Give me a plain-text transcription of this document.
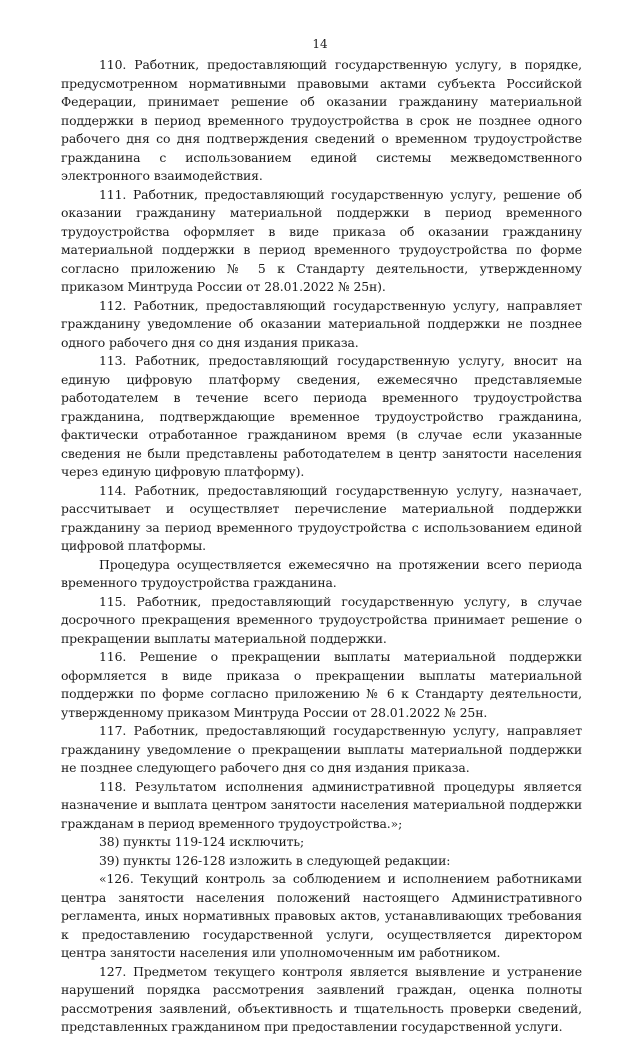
14

110. Работник, предоставляющий государственную услугу, в порядке, предусмотренном нормативными правовыми актами субъекта Российской Федерации, принимает решение об оказании гражданину материальной поддержки в период временного трудоустройства в срок не позднее одного рабочего дня со дня подтверждения сведений о временном трудоустройстве гражданина с использованием единой системы межведомственного электронного взаимодействия.

111. Работник, предоставляющий государственную услугу, решение об оказании гражданину материальной поддержки в период временного трудоустройства оформляет в виде приказа об оказании гражданину материальной поддержки в период временного трудоустройства по форме согласно приложению № 5 к Стандарту деятельности, утвержденному приказом Минтруда России от 28.01.2022 № 25н).

112. Работник, предоставляющий государственную услугу, направляет гражданину уведомление об оказании материальной поддержки не позднее одного рабочего дня со дня издания приказа.

113. Работник, предоставляющий государственную услугу, вносит на единую цифровую платформу сведения, ежемесячно представляемые работодателем в течение всего периода временного трудоустройства гражданина, подтверждающие временное трудоустройство гражданина, фактически отработанное гражданином время (в случае если указанные сведения не были представлены работодателем в центр занятости населения через единую цифровую платформу).

114. Работник, предоставляющий государственную услугу, назначает, рассчитывает и осуществляет перечисление материальной поддержки гражданину за период временного трудоустройства с использованием единой цифровой платформы.

Процедура осуществляется ежемесячно на протяжении всего периода временного трудоустройства гражданина.

115. Работник, предоставляющий государственную услугу, в случае досрочного прекращения временного трудоустройства принимает решение о прекращении выплаты материальной поддержки.

116. Решение о прекращении выплаты материальной поддержки оформляется в виде приказа о прекращении выплаты материальной поддержки по форме согласно приложению № 6 к Стандарту деятельности, утвержденному приказом Минтруда России от 28.01.2022 № 25н.

117. Работник, предоставляющий государственную услугу, направляет гражданину уведомление о прекращении выплаты материальной поддержки не позднее следующего рабочего дня со дня издания приказа.

118. Результатом исполнения административной процедуры является назначение и выплата центром занятости населения материальной поддержки гражданам в период временного трудоустройства.»;

38) пункты 119-124 исключить;

39) пункты 126-128 изложить в следующей редакции:

«126. Текущий контроль за соблюдением и исполнением работниками центра занятости населения положений настоящего Административного регламента, иных нормативных правовых актов, устанавливающих требования к предоставлению государственной услуги, осуществляется директором центра занятости населения или уполномоченным им работником.

127. Предметом текущего контроля является выявление и устранение нарушений порядка рассмотрения заявлений граждан, оценка полноты рассмотрения заявлений, объективность и тщательность проверки сведений, представленных гражданином при предоставлении государственной услуги.
